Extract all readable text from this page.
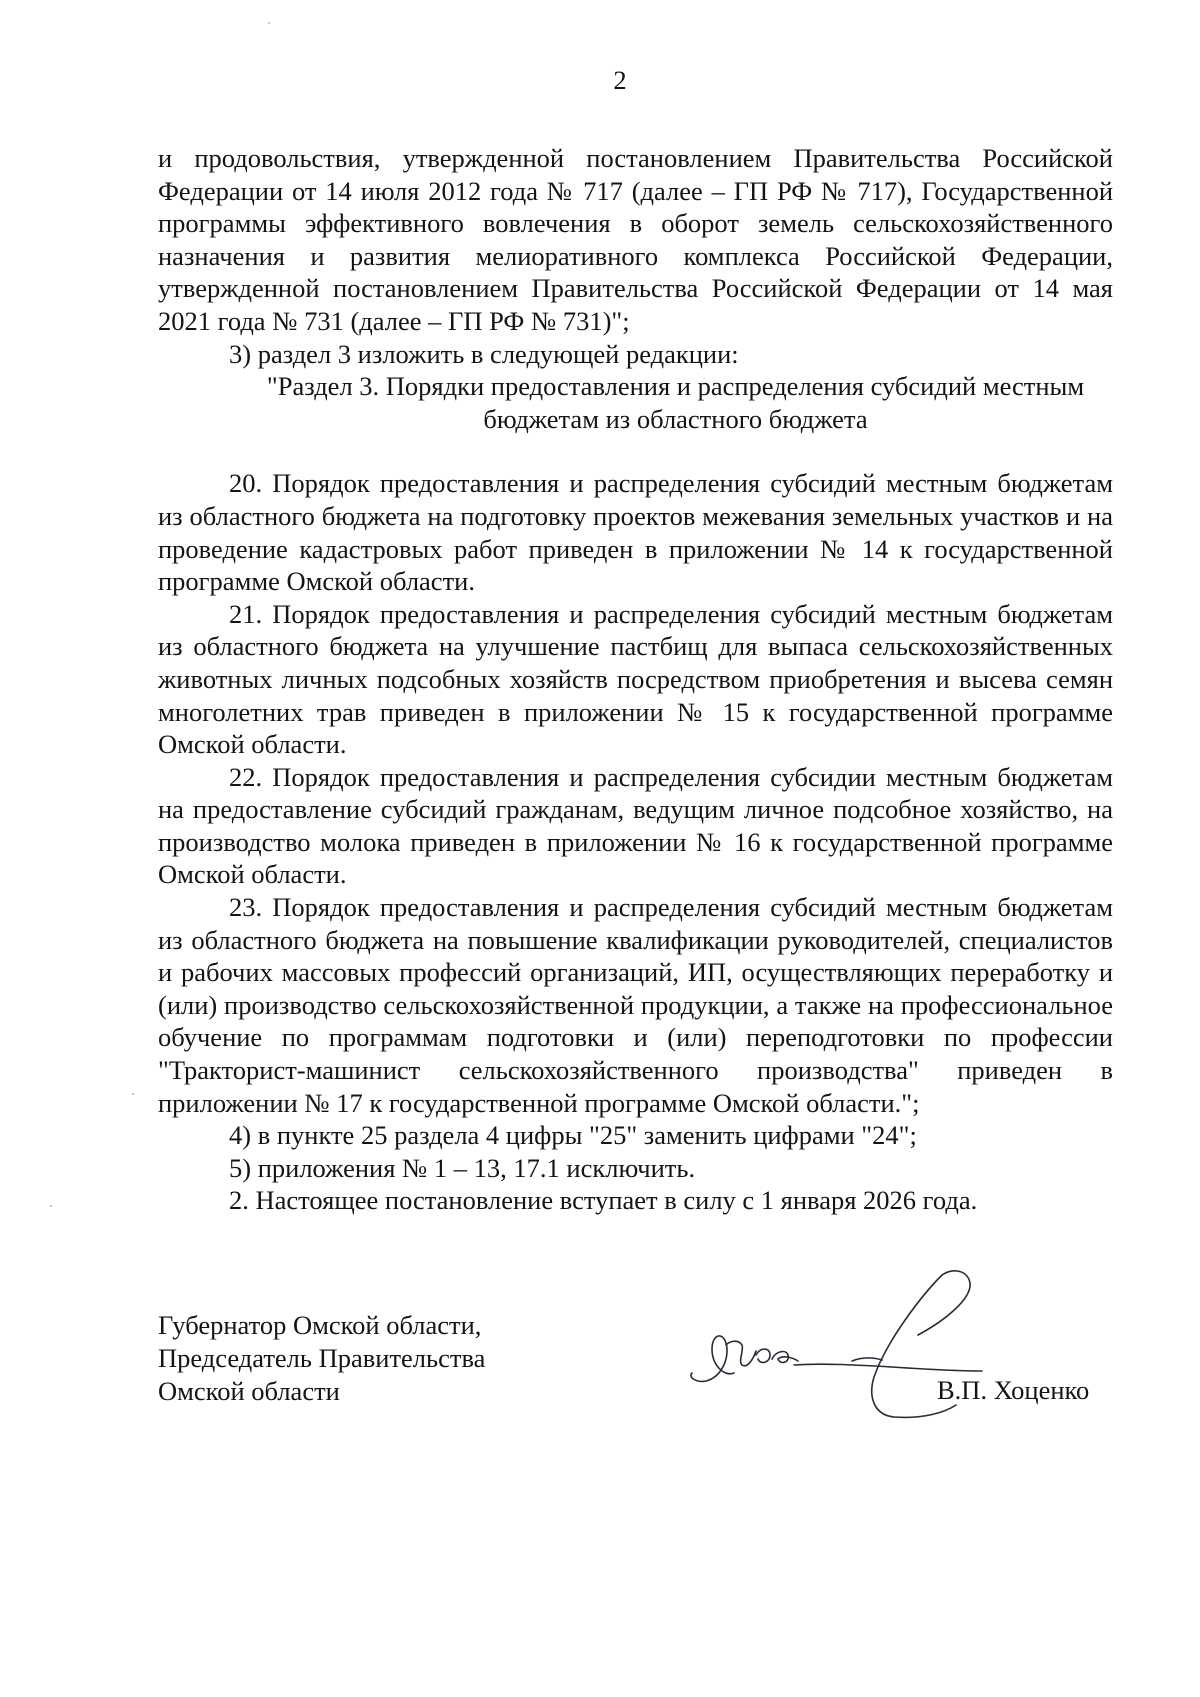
2

и продовольствия, утвержденной постановлением Правительства Российской Федерации от 14 июля 2012 года № 717 (далее – ГП РФ № 717), Государственной программы эффективного вовлечения в оборот земель сельскохозяйственного назначения и развития мелиоративного комплекса Российской Федерации, утвержденной постановлением Правительства Российской Федерации от 14 мая 2021 года № 731 (далее – ГП РФ № 731)";

3) раздел 3 изложить в следующей редакции:

"Раздел 3. Порядки предоставления и распределения субсидий местным бюджетам из областного бюджета

20. Порядок предоставления и распределения субсидий местным бюджетам из областного бюджета на подготовку проектов межевания земельных участков и на проведение кадастровых работ приведен в приложении № 14 к государственной программе Омской области.

21. Порядок предоставления и распределения субсидий местным бюджетам из областного бюджета на улучшение пастбищ для выпаса сельскохозяйственных животных личных подсобных хозяйств посредством приобретения и высева семян многолетних трав приведен в приложении № 15 к государственной программе Омской области.

22. Порядок предоставления и распределения субсидии местным бюджетам на предоставление субсидий гражданам, ведущим личное подсобное хозяйство, на производство молока приведен в приложении № 16 к государственной программе Омской области.

23. Порядок предоставления и распределения субсидий местным бюджетам из областного бюджета на повышение квалификации руководителей, специалистов и рабочих массовых профессий организаций, ИП, осуществляющих переработку и (или) производство сельскохозяйственной продукции, а также на профессиональное обучение по программам подготовки и (или) переподготовки по профессии "Тракторист-машинист сельскохозяйственного производства" приведен в приложении № 17 к государственной программе Омской области.";

4) в пункте 25 раздела 4 цифры "25" заменить цифрами "24";

5) приложения № 1 – 13, 17.1 исключить.

2. Настоящее постановление вступает в силу с 1 января 2026 года.

Губернатор Омской области,
Председатель Правительства
Омской области	В.П. Хоценко
